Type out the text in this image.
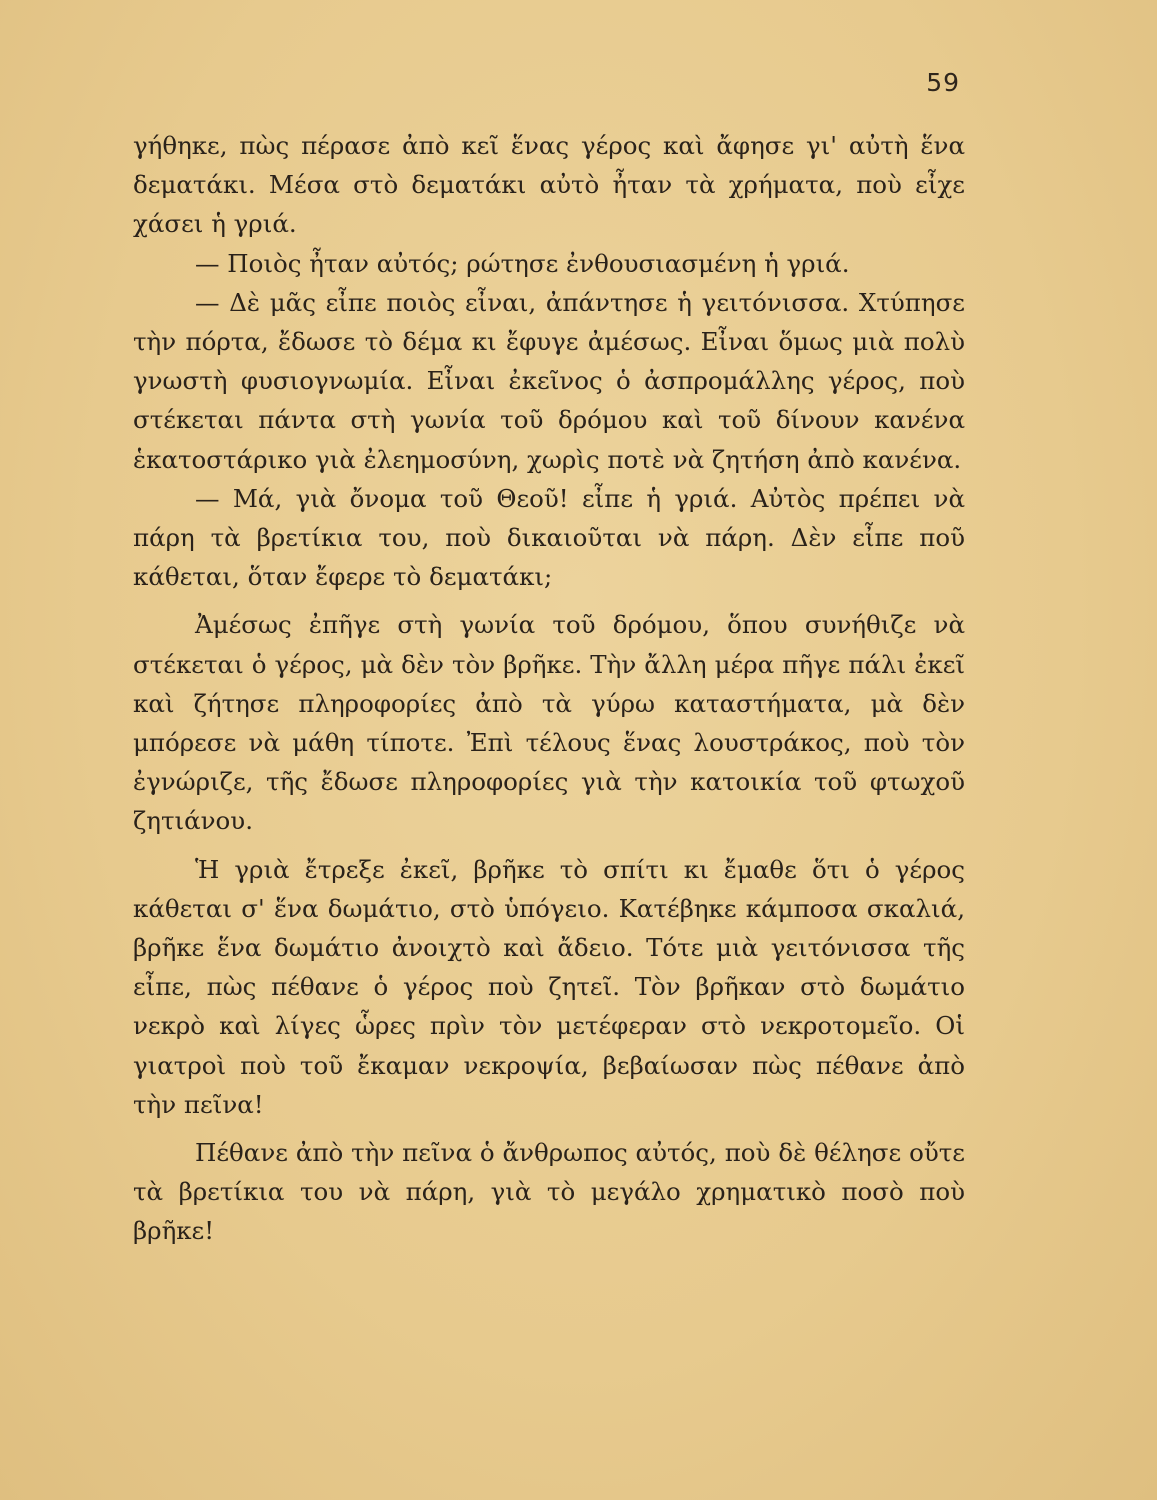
59

γήθηκε, πὼς πέρασε ἀπὸ κεῖ ἕνας γέρος καὶ ἄφησε γι' αὐτὴ ἕνα δεματάκι. Μέσα στὸ δεματάκι αὐτὸ ἦταν τὰ χρήματα, ποὺ εἶχε χάσει ἡ γριά.

— Ποιὸς ἦταν αὐτός; ρώτησε ἐνθουσιασμένη ἡ γριά.

— Δὲ μᾶς εἶπε ποιὸς εἶναι, ἀπάντησε ἡ γειτόνισσα. Χτύπησε τὴν πόρτα, ἔδωσε τὸ δέμα κι ἔφυγε ἀμέσως. Εἶναι ὅμως μιὰ πολὺ γνωστὴ φυσιογνωμία. Εἶναι ἐκεῖνος ὁ ἀσπρομάλλης γέρος, ποὺ στέκεται πάντα στὴ γωνία τοῦ δρόμου καὶ τοῦ δίνουν κανένα ἑκατοστάρικο γιὰ ἐλεημοσύνη, χωρὶς ποτὲ νὰ ζητήση ἀπὸ κανένα.

— Μά, γιὰ ὄνομα τοῦ Θεοῦ! εἶπε ἡ γριά. Αὐτὸς πρέπει νὰ πάρη τὰ βρετίκια του, ποὺ δικαιοῦται νὰ πάρη. Δὲν εἶπε ποῦ κάθεται, ὅταν ἔφερε τὸ δεματάκι;

Ἀμέσως ἐπῆγε στὴ γωνία τοῦ δρόμου, ὅπου συνήθιζε νὰ στέκεται ὁ γέρος, μὰ δὲν τὸν βρῆκε. Τὴν ἄλλη μέρα πῆγε πάλι ἐκεῖ καὶ ζήτησε πληροφορίες ἀπὸ τὰ γύρω καταστήματα, μὰ δὲν μπόρεσε νὰ μάθη τίποτε. Ἐπὶ τέλους ἕνας λουστράκος, ποὺ τὸν ἐγνώριζε, τῆς ἔδωσε πληροφορίες γιὰ τὴν κατοικία τοῦ φτωχοῦ ζητιάνου.

Ἡ γριὰ ἔτρεξε ἐκεῖ, βρῆκε τὸ σπίτι κι ἔμαθε ὅτι ὁ γέρος κάθεται σ' ἕνα δωμάτιο, στὸ ὑπόγειο. Κατέβηκε κάμποσα σκαλιά, βρῆκε ἕνα δωμάτιο ἀνοιχτὸ καὶ ἄδειο. Τότε μιὰ γειτόνισσα τῆς εἶπε, πὼς πέθανε ὁ γέρος ποὺ ζητεῖ. Τὸν βρῆκαν στὸ δωμάτιο νεκρὸ καὶ λίγες ὧρες πρὶν τὸν μετέφεραν στὸ νεκροτομεῖο. Οἱ γιατροὶ ποὺ τοῦ ἔκαμαν νεκροψία, βεβαίωσαν πὼς πέθανε ἀπὸ τὴν πεῖνα!

Πέθανε ἀπὸ τὴν πεῖνα ὁ ἄνθρωπος αὐτός, ποὺ δὲ θέλησε οὔτε τὰ βρετίκια του νὰ πάρη, γιὰ τὸ μεγάλο χρηματικὸ ποσὸ ποὺ βρῆκε!
